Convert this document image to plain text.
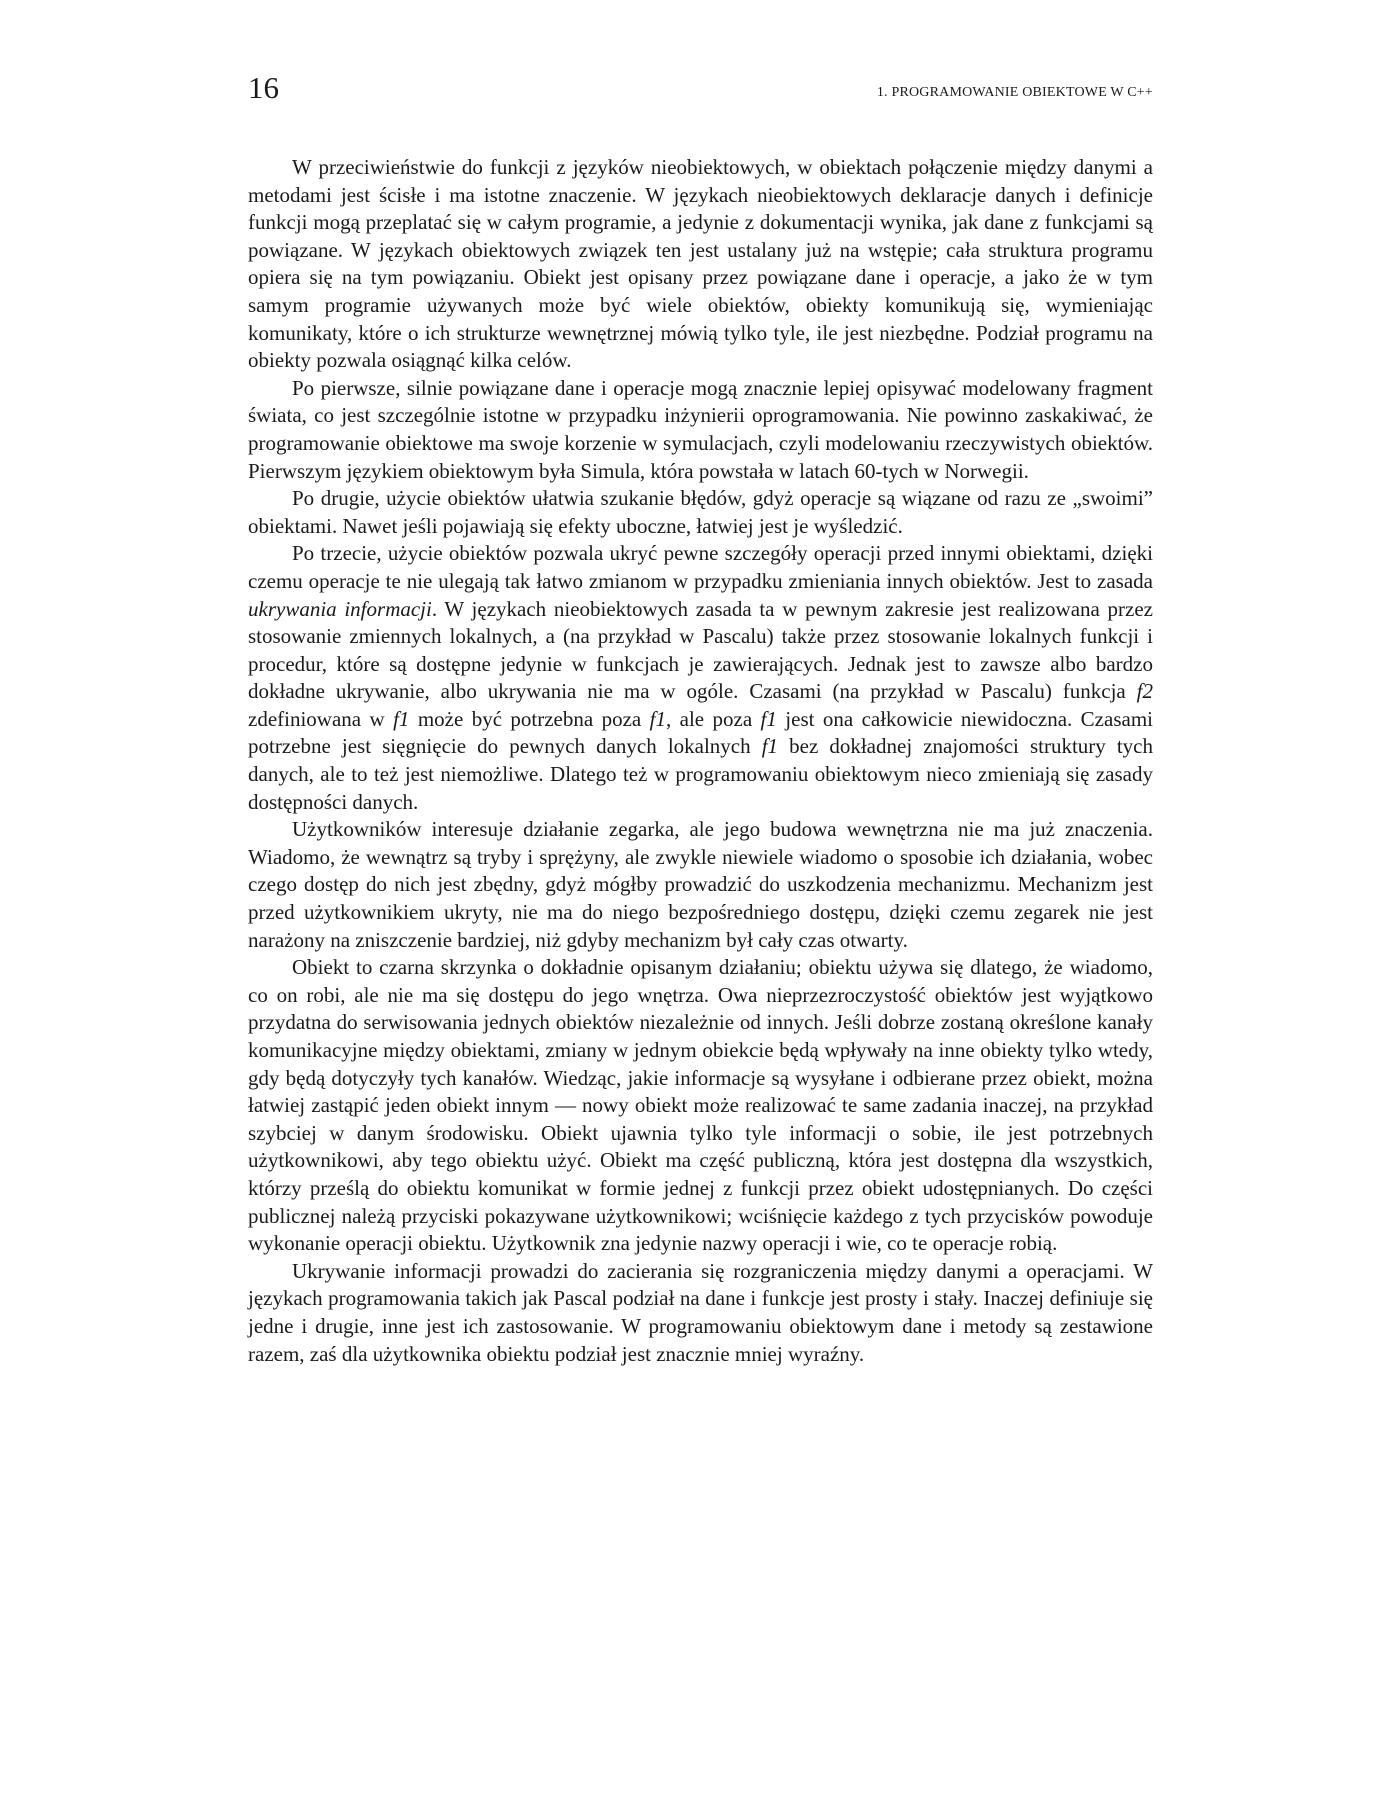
16	1. PROGRAMOWANIE OBIEKTOWE W C++

W przeciwieństwie do funkcji z języków nieobiektowych, w obiektach połączenie między danymi a metodami jest ścisłe i ma istotne znaczenie. W językach nieobiektowych deklaracje danych i definicje funkcji mogą przeplatać się w całym programie, a jedynie z dokumentacji wynika, jak dane z funkcjami są powiązane. W językach obiektowych związek ten jest ustalany już na wstępie; cała struktura programu opiera się na tym powiązaniu. Obiekt jest opisany przez powiązane dane i operacje, a jako że w tym samym programie używanych może być wiele obiektów, obiekty komunikują się, wymieniając komunikaty, które o ich strukturze wewnętrznej mówią tylko tyle, ile jest niezbędne. Podział programu na obiekty pozwala osiągnąć kilka celów.

Po pierwsze, silnie powiązane dane i operacje mogą znacznie lepiej opisywać modelowany fragment świata, co jest szczególnie istotne w przypadku inżynierii oprogramowania. Nie powinno zaskakiwać, że programowanie obiektowe ma swoje korzenie w symulacjach, czyli modelowaniu rzeczywistych obiektów. Pierwszym językiem obiektowym była Simula, która powstała w latach 60-tych w Norwegii.

Po drugie, użycie obiektów ułatwia szukanie błędów, gdyż operacje są wiązane od razu ze „swoimi” obiektami. Nawet jeśli pojawiają się efekty uboczne, łatwiej jest je wyśledzić.

Po trzecie, użycie obiektów pozwala ukryć pewne szczegóły operacji przed innymi obiektami, dzięki czemu operacje te nie ulegają tak łatwo zmianom w przypadku zmieniania innych obiektów. Jest to zasada ukrywania informacji. W językach nieobiektowych zasada ta w pewnym zakresie jest realizowana przez stosowanie zmiennych lokalnych, a (na przykład w Pascalu) także przez stosowanie lokalnych funkcji i procedur, które są dostępne jedynie w funkcjach je zawierających. Jednak jest to zawsze albo bardzo dokładne ukrywanie, albo ukrywania nie ma w ogóle. Czasami (na przykład w Pascalu) funkcja f2 zdefiniowana w f1 może być potrzebna poza f1, ale poza f1 jest ona całkowicie niewidoczna. Czasami potrzebne jest sięgnięcie do pewnych danych lokalnych f1 bez dokładnej znajomości struktury tych danych, ale to też jest niemożliwe. Dlatego też w programowaniu obiektowym nieco zmieniają się zasady dostępności danych.

Użytkowników interesuje działanie zegarka, ale jego budowa wewnętrzna nie ma już znaczenia. Wiadomo, że wewnątrz są tryby i sprężyny, ale zwykle niewiele wiadomo o sposobie ich działania, wobec czego dostęp do nich jest zbędny, gdyż mógłby prowadzić do uszkodzenia mechanizmu. Mechanizm jest przed użytkownikiem ukryty, nie ma do niego bezpośredniego dostępu, dzięki czemu zegarek nie jest narażony na zniszczenie bardziej, niż gdyby mechanizm był cały czas otwarty.

Obiekt to czarna skrzynka o dokładnie opisanym działaniu; obiektu używa się dlatego, że wiadomo, co on robi, ale nie ma się dostępu do jego wnętrza. Owa nieprzezroczystość obiektów jest wyjątkowo przydatna do serwisowania jednych obiektów niezależnie od innych. Jeśli dobrze zostaną określone kanały komunikacyjne między obiektami, zmiany w jednym obiekcie będą wpływały na inne obiekty tylko wtedy, gdy będą dotyczyły tych kanałów. Wiedząc, jakie informacje są wysyłane i odbierane przez obiekt, można łatwiej zastąpić jeden obiekt innym — nowy obiekt może realizować te same zadania inaczej, na przykład szybciej w danym środowisku. Obiekt ujawnia tylko tyle informacji o sobie, ile jest potrzebnych użytkownikowi, aby tego obiektu użyć. Obiekt ma część publiczną, która jest dostępna dla wszystkich, którzy prześlą do obiektu komunikat w formie jednej z funkcji przez obiekt udostępnianych. Do części publicznej należą przyciski pokazywane użytkownikowi; wciśnięcie każdego z tych przycisków powoduje wykonanie operacji obiektu. Użytkownik zna jedynie nazwy operacji i wie, co te operacje robią.

Ukrywanie informacji prowadzi do zacierania się rozgraniczenia między danymi a operacjami. W językach programowania takich jak Pascal podział na dane i funkcje jest prosty i stały. Inaczej definiuje się jedne i drugie, inne jest ich zastosowanie. W programowaniu obiektowym dane i metody są zestawione razem, zaś dla użytkownika obiektu podział jest znacznie mniej wyraźny.
